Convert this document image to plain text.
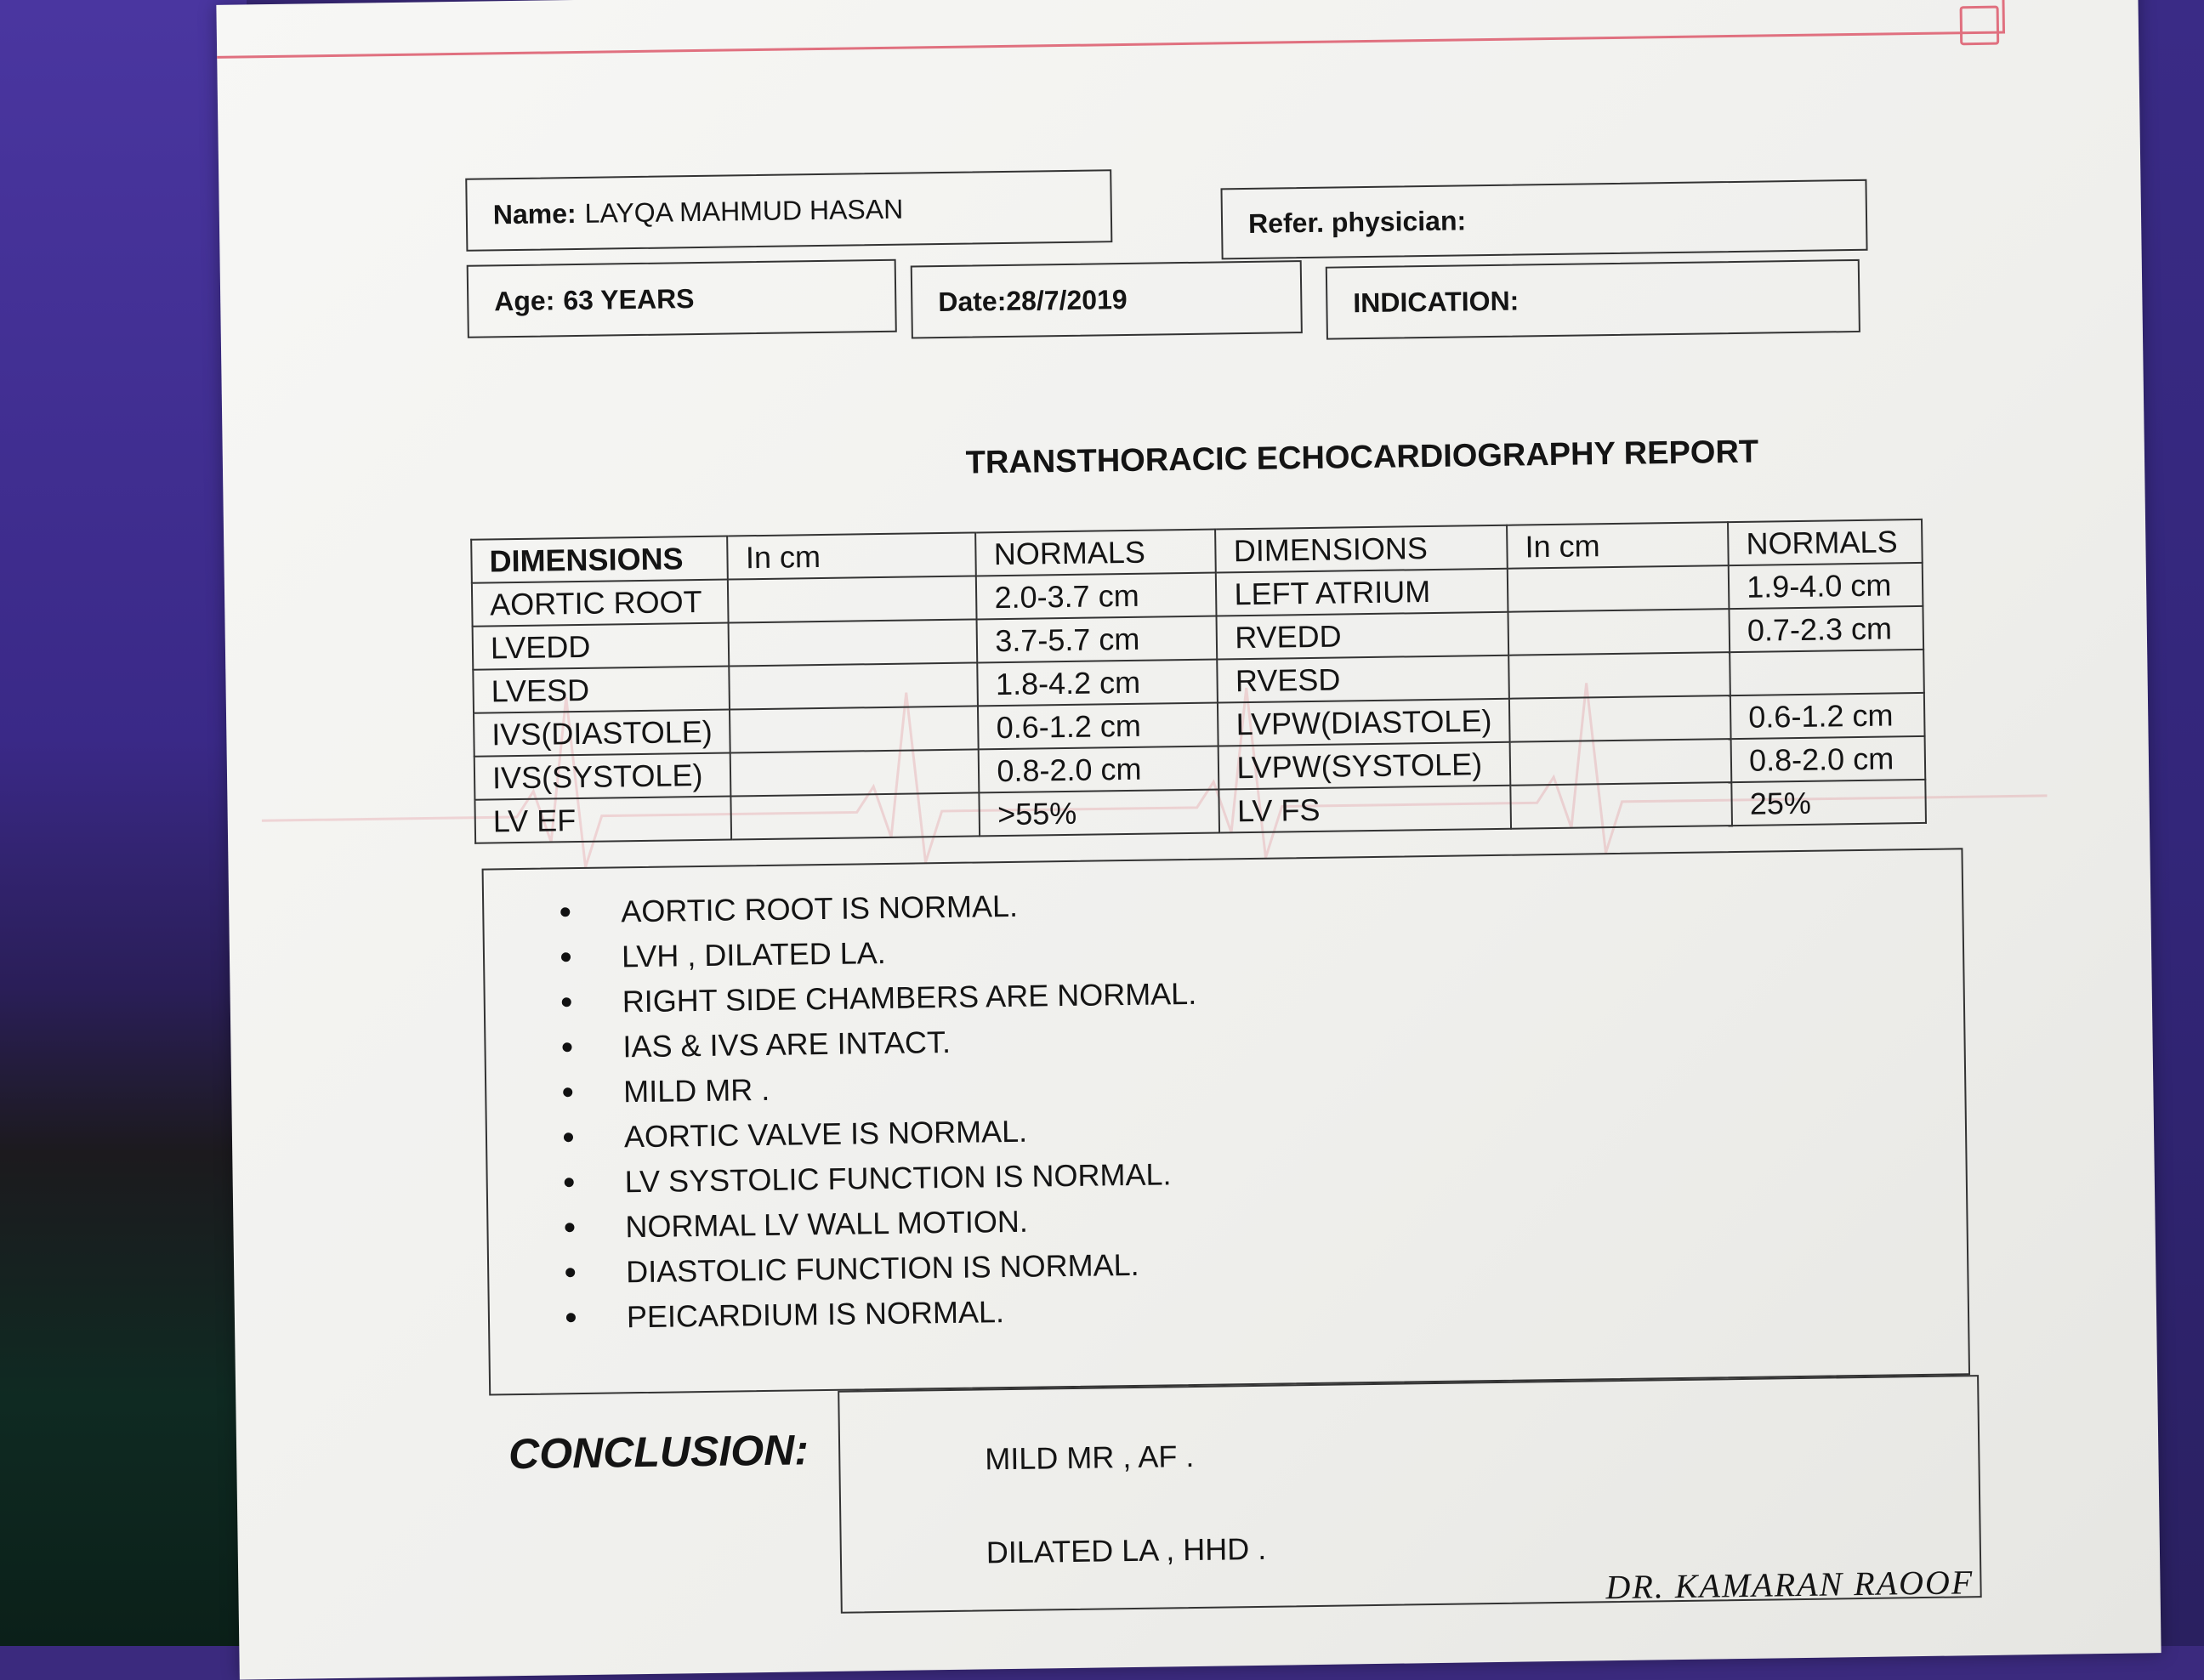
Name: LAYQA MAHMUD HASAN	Refer. physician:
Age: 63 YEARS	Date: 28/7/2019	INDICATION:
TRANSTHORACIC ECHOCARDIOGRAPHY REPORT
DIMENSIONS	In cm	NORMALS	DIMENSIONS	In cm	NORMALS
AORTIC ROOT		2.0-3.7 cm	LEFT ATRIUM		1.9-4.0 cm
LVEDD		3.7-5.7 cm	RVEDD		0.7-2.3 cm
LVESD		1.8-4.2 cm	RVESD		
IVS(DIASTOLE)		0.6-1.2 cm	LVPW(DIASTOLE)		0.6-1.2 cm
IVS(SYSTOLE)		0.8-2.0 cm	LVPW(SYSTOLE)		0.8-2.0 cm
LV EF		>55%	LV FS		25%
AORTIC ROOT IS NORMAL.
LVH , DILATED LA.
RIGHT SIDE CHAMBERS ARE NORMAL.
IAS & IVS ARE INTACT.
MILD MR .
AORTIC VALVE IS NORMAL.
LV SYSTOLIC FUNCTION IS NORMAL.
NORMAL LV WALL MOTION.
DIASTOLIC FUNCTION IS NORMAL.
PEICARDIUM IS NORMAL.
CONCLUSION:	MILD MR , AF .
DILATED LA , HHD .
DR. KAMARAN RAOOF
